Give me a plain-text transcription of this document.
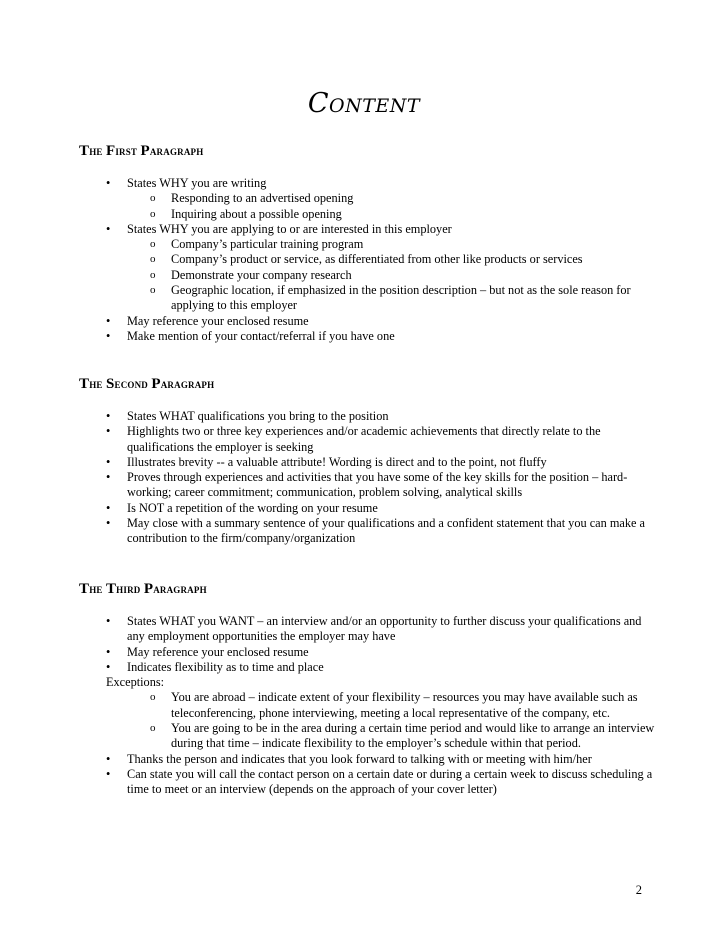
Content
The First Paragraph
• States WHY you are writing
o Responding to an advertised opening
o Inquiring about a possible opening
• States WHY you are applying to or are interested in this employer
o Company’s particular training program
o Company’s product or service, as differentiated from other like products or services
o Demonstrate your company research
o Geographic location, if emphasized in the position description – but not as the sole reason for applying to this employer
• May reference your enclosed resume
• Make mention of your contact/referral if you have one
The Second Paragraph
• States WHAT qualifications you bring to the position
• Highlights two or three key experiences and/or academic achievements that directly relate to the qualifications the employer is seeking
• Illustrates brevity -- a valuable attribute! Wording is direct and to the point, not fluffy
• Proves through experiences and activities that you have some of the key skills for the position – hard-working; career commitment; communication, problem solving, analytical skills
• Is NOT a repetition of the wording on your resume
• May close with a summary sentence of your qualifications and a confident statement that you can make a contribution to the firm/company/organization
The Third Paragraph
• States WHAT you WANT – an interview and/or an opportunity to further discuss your qualifications and any employment opportunities the employer may have
• May reference your enclosed resume
• Indicates flexibility as to time and place
Exceptions:
o You are abroad – indicate extent of your flexibility – resources you may have available such as teleconferencing, phone interviewing, meeting a local representative of the company, etc.
o You are going to be in the area during a certain time period and would like to arrange an interview during that time – indicate flexibility to the employer’s schedule within that period.
• Thanks the person and indicates that you look forward to talking with or meeting with him/her
• Can state you will call the contact person on a certain date or during a certain week to discuss scheduling a time to meet or an interview (depends on the approach of your cover letter)
2
